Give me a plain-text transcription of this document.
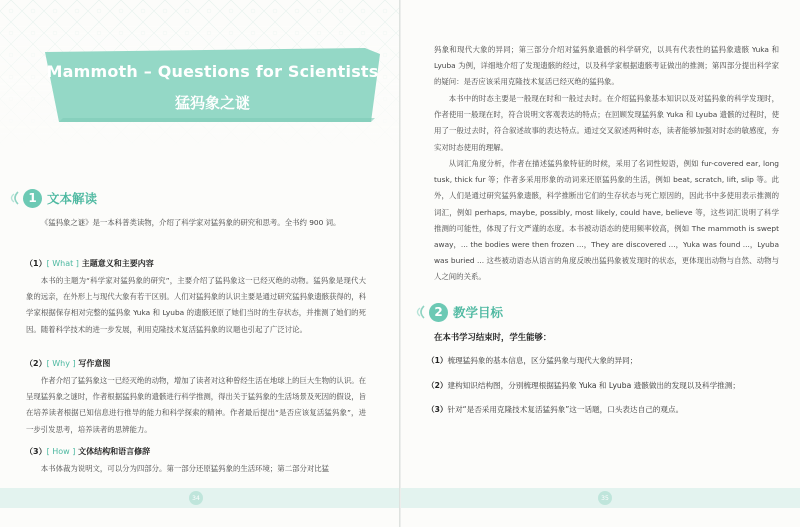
Mammoth – Questions for Scientists
猛犸象之谜
1 文本解读
《猛犸象之谜》是一本科普类读物，介绍了科学家对猛犸象的研究和思考。全书约 900 词。
（1）[ What ] 主题意义和主要内容
本书的主题为“科学家对猛犸象的研究”，主要介绍了猛犸象这一已经灭绝的动物。猛犸象是现代大象的远亲，在外形上与现代大象有若干区别。人们对猛犸象的认识主要是通过研究猛犸象遗骸获得的，科学家根据保存相对完整的猛犸象 Yuka 和 Lyuba 的遗骸还原了她们当时的生存状态，并推测了她们的死因。随着科学技术的进一步发展，利用克隆技术复活猛犸象的议题也引起了广泛讨论。
（2）[ Why ] 写作意图
作者介绍了猛犸象这一已经灭绝的动物，增加了读者对这种曾经生活在地球上的巨大生物的认识。在呈现猛犸象之谜时，作者根据猛犸象的遗骸进行科学推测，得出关于猛犸象的生活场景及死因的假设，旨在培养读者根据已知信息进行推导的能力和科学探索的精神。作者最后提出“是否应该复活猛犸象”，进一步引发思考，培养读者的思辨能力。
（3）[ How ] 文体结构和语言修辞
本书体裁为说明文，可以分为四部分。第一部分还原猛犸象的生活环境；第二部分对比猛
34
犸象和现代大象的异同；第三部分介绍对猛犸象遗骸的科学研究，以具有代表性的猛犸象遗骸 Yuka 和 Lyuba 为例，详细地介绍了发现遗骸的经过，以及科学家根据遗骸考证做出的推测；第四部分提出科学家的疑问：是否应该采用克隆技术复活已经灭绝的猛犸象。
本书中的时态主要是一般现在时和一般过去时。在介绍猛犸象基本知识以及对猛犸象的科学发现时，作者使用一般现在时，符合说明文客观表达的特点；在回顾发现猛犸象 Yuka 和 Lyuba 遗骸的过程时，使用了一般过去时，符合叙述故事的表达特点。通过交叉叙述两种时态，读者能够加强对时态的敏感度，夯实对时态使用的理解。
从词汇角度分析，作者在描述猛犸象特征的时候，采用了名词性短语，例如 fur-covered ear, long tusk, thick fur 等；作者多采用形象的动词来还原猛犸象的生活，例如 beat, scratch, lift, slip 等。此外，人们是通过研究猛犸象遗骸，科学推断出它们的生存状态与死亡原因的，因此书中多使用表示推测的词汇，例如 perhaps, maybe, possibly, most likely, could have, believe 等，这些词汇说明了科学推测的可能性，体现了行文严谨的态度。本书被动语态的使用频率较高，例如 The mammoth is swept away，... the bodies were then frozen ...，They are discovered ...，Yuka was found ...，Lyuba was buried ... 这些被动语态从语言的角度反映出猛犸象被发现时的状态，更体现出动物与自然、动物与人之间的关系。
2 教学目标
在本书学习结束时，学生能够：
（1）梳理猛犸象的基本信息，区分猛犸象与现代大象的异同；
（2）建构知识结构图，分别梳理根据猛犸象 Yuka 和 Lyuba 遗骸做出的发现以及科学推测；
（3）针对“是否采用克隆技术复活猛犸象”这一话题，口头表达自己的观点。
35
